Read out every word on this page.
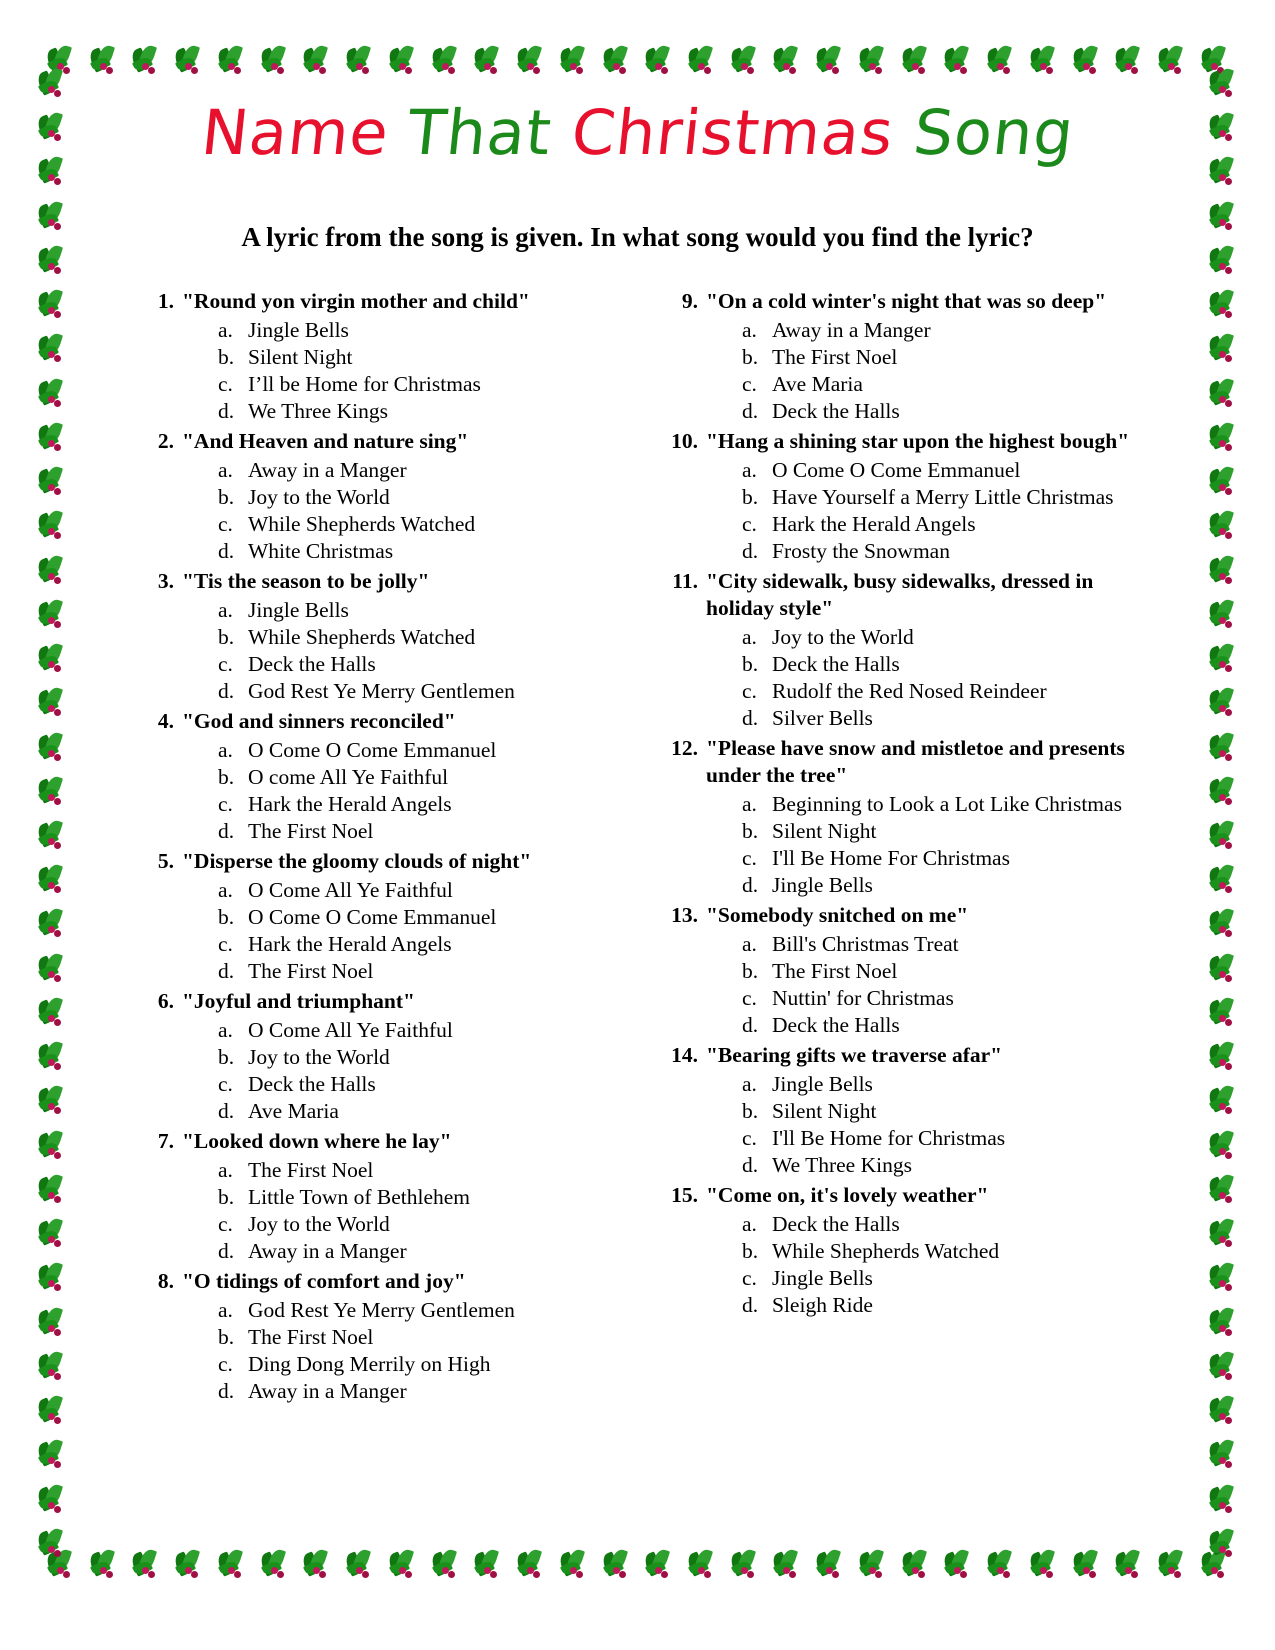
Name That Christmas Song
A lyric from the song is given. In what song would you find the lyric?
1. "Round yon virgin mother and child"
a. Jingle Bells
b. Silent Night
c. I’ll be Home for Christmas
d. We Three Kings
2. "And Heaven and nature sing"
a. Away in a Manger
b. Joy to the World
c. While Shepherds Watched
d. White Christmas
3. "Tis the season to be jolly"
a. Jingle Bells
b. While Shepherds Watched
c. Deck the Halls
d. God Rest Ye Merry Gentlemen
4. "God and sinners reconciled"
a. O Come O Come Emmanuel
b. O come All Ye Faithful
c. Hark the Herald Angels
d. The First Noel
5. "Disperse the gloomy clouds of night"
a. O Come All Ye Faithful
b. O Come O Come Emmanuel
c. Hark the Herald Angels
d. The First Noel
6. "Joyful and triumphant"
a. O Come All Ye Faithful
b. Joy to the World
c. Deck the Halls
d. Ave Maria
7. "Looked down where he lay"
a. The First Noel
b. Little Town of Bethlehem
c. Joy to the World
d. Away in a Manger
8. "O tidings of comfort and joy"
a. God Rest Ye Merry Gentlemen
b. The First Noel
c. Ding Dong Merrily on High
d. Away in a Manger
9. "On a cold winter's night that was so deep"
a. Away in a Manger
b. The First Noel
c. Ave Maria
d. Deck the Halls
10. "Hang a shining star upon the highest bough"
a. O Come O Come Emmanuel
b. Have Yourself a Merry Little Christmas
c. Hark the Herald Angels
d. Frosty the Snowman
11. "City sidewalk, busy sidewalks, dressed in holiday style"
a. Joy to the World
b. Deck the Halls
c. Rudolf the Red Nosed Reindeer
d. Silver Bells
12. "Please have snow and mistletoe and presents under the tree"
a. Beginning to Look a Lot Like Christmas
b. Silent Night
c. I'll Be Home For Christmas
d. Jingle Bells
13. "Somebody snitched on me"
a. Bill's Christmas Treat
b. The First Noel
c. Nuttin' for Christmas
d. Deck the Halls
14. "Bearing gifts we traverse afar"
a. Jingle Bells
b. Silent Night
c. I'll Be Home for Christmas
d. We Three Kings
15. "Come on, it's lovely weather"
a. Deck the Halls
b. While Shepherds Watched
c. Jingle Bells
d. Sleigh Ride
